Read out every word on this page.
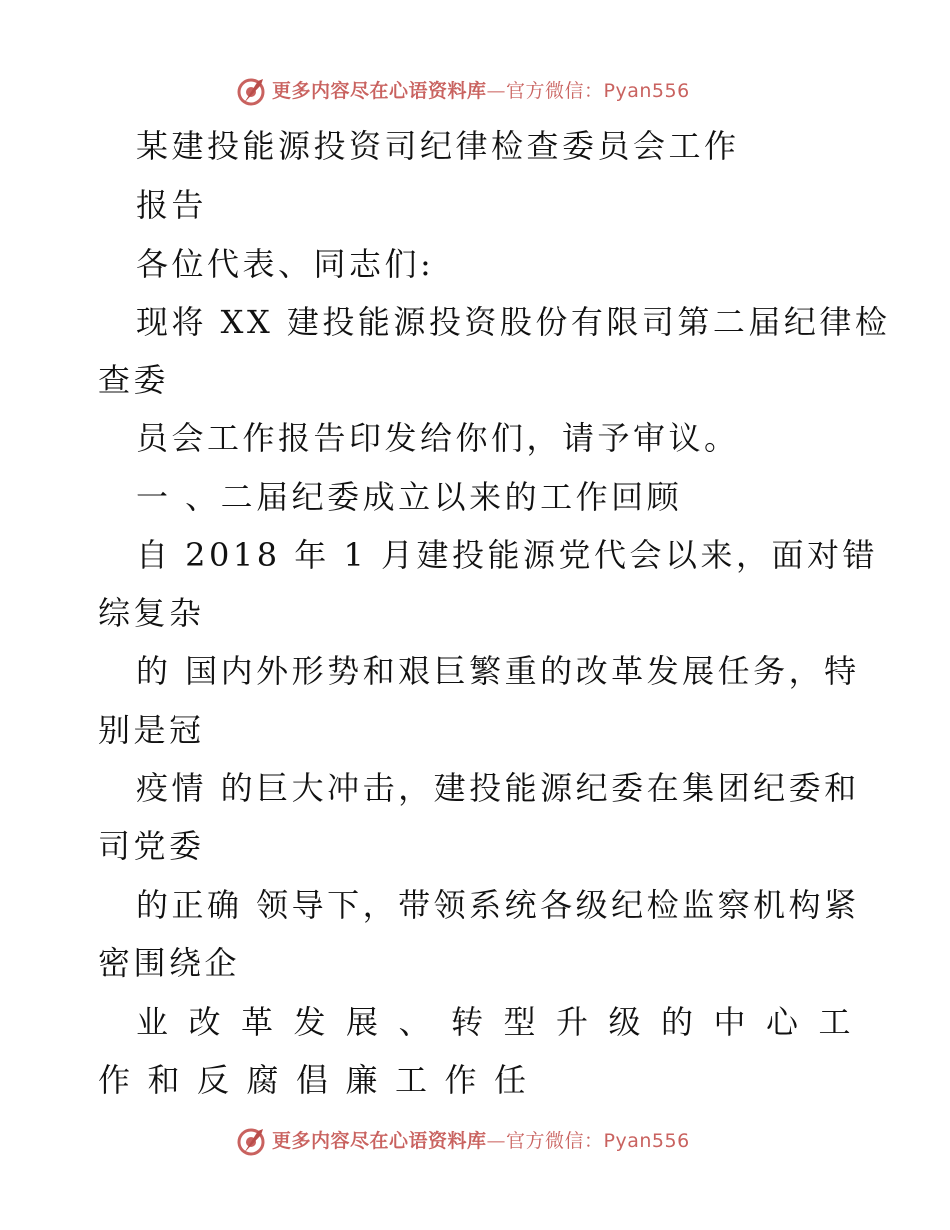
更多内容尽在心语资料库—官方微信：Pyan556

某建投能源投资司纪律检查委员会工作

报告

各位代表、同志们:

现将 XX 建投能源投资股份有限司第二届纪律检

查委

员会工作报告印发给你们，请予审议。

一 、二届纪委成立以来的工作回顾

自 2018 年 1 月建投能源党代会以来，面对错

综复杂

的 国内外形势和艰巨繁重的改革发展任务，特

别是冠

疫情 的巨大冲击，建投能源纪委在集团纪委和

司党委

的正确 领导下，带领系统各级纪检监察机构紧

密围绕企

业改革发展、转型升级的中心工

作和反腐倡廉工作任

更多内容尽在心语资料库—官方微信：Pyan556
